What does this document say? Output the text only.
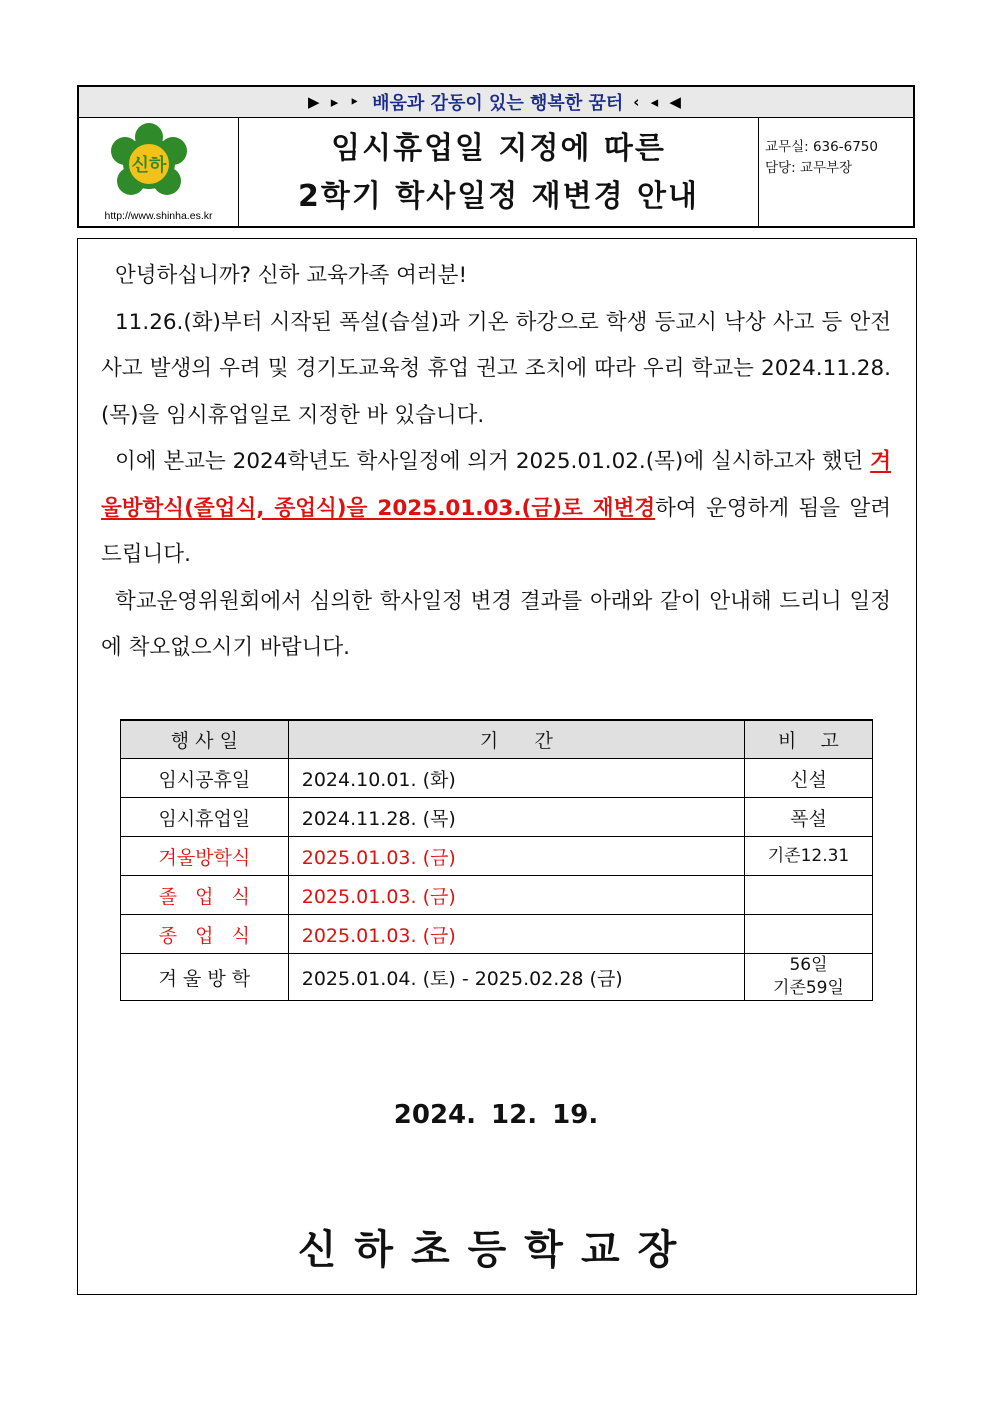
▶ ▸ ‣ 배움과 감동이 있는 행복한 꿈터 ‹ ◂ ◀
신하
http://www.shinha.es.kr
임시휴업일 지정에 따른
2학기 학사일정 재변경 안내
교무실: 636-6750
담당: 교무부장

안녕하십니까? 신하 교육가족 여러분!

11.26.(화)부터 시작된 폭설(습설)과 기온 하강으로 학생 등교시 낙상 사고 등 안전사고 발생의 우려 및 경기도교육청 휴업 권고 조치에 따라 우리 학교는 2024.11.28.(목)을 임시휴업일로 지정한 바 있습니다.

이에 본교는 2024학년도 학사일정에 의거 2025.01.02.(목)에 실시하고자 했던 겨울방학식(졸업식, 종업식)을 2025.01.03.(금)로 재변경하여 운영하게 됨을 알려드립니다.

학교운영위원회에서 심의한 학사일정 변경 결과를 아래와 같이 안내해 드리니 일정에 착오없으시기 바랍니다.

행 사 일	기      간	비    고
임시공휴일	2024.10.01. (화)	신설
임시휴업일	2024.11.28. (목)	폭설
겨울방학식	2025.01.03. (금)	기존12.31
졸   업   식	2025.01.03. (금)	
종   업   식	2025.01.03. (금)	
겨 울 방 학	2025.01.04. (토) - 2025.02.28 (금)	56일
기존59일
2024. 12. 19.
신하초등학교장
